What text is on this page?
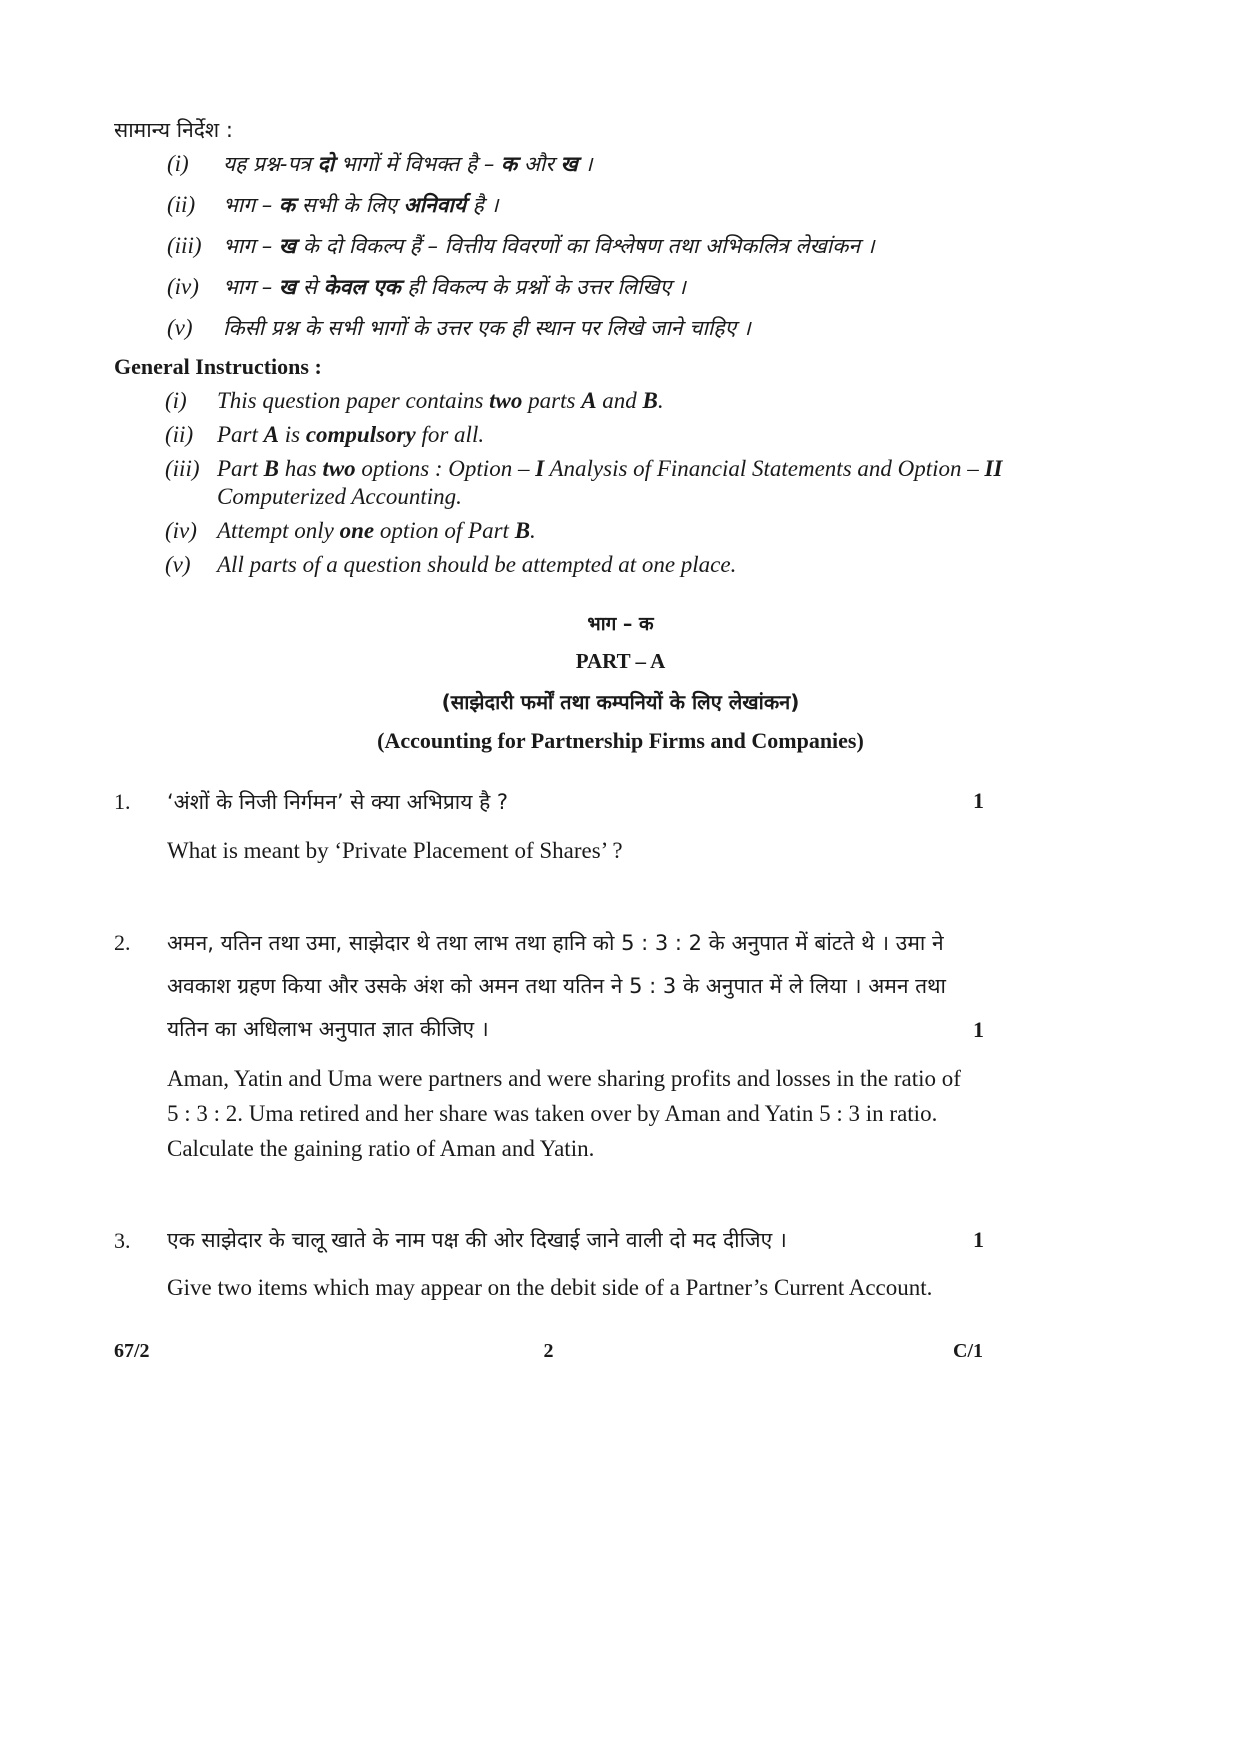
सामान्य निर्देश :
(i) यह प्रश्न-पत्र दो भागों में विभक्त है – क और ख ।
(ii) भाग – क सभी के लिए अनिवार्य है ।
(iii) भाग – ख के दो विकल्प हैं – वित्तीय विवरणों का विश्लेषण तथा अभिकलित्र लेखांकन ।
(iv) भाग – ख से केवल एक ही विकल्प के प्रश्नों के उत्तर लिखिए ।
(v) किसी प्रश्न के सभी भागों के उत्तर एक ही स्थान पर लिखे जाने चाहिए ।
General Instructions :
(i) This question paper contains two parts A and B.
(ii) Part A is compulsory for all.
(iii) Part B has two options : Option – I Analysis of Financial Statements and Option – II
Computerized Accounting.
(iv) Attempt only one option of Part B.
(v) All parts of a question should be attempted at one place.
भाग – क
PART – A
(साझेदारी फर्मों तथा कम्पनियों के लिए लेखांकन)
(Accounting for Partnership Firms and Companies)
1. ‘अंशों के निजी निर्गमन’ से क्या अभिप्राय है ?	1
What is meant by ‘Private Placement of Shares’ ?
2. अमन, यतिन तथा उमा, साझेदार थे तथा लाभ तथा हानि को 5 : 3 : 2 के अनुपात में बांटते थे । उमा ने
अवकाश ग्रहण किया और उसके अंश को अमन तथा यतिन ने 5 : 3 के अनुपात में ले लिया । अमन तथा
यतिन का अधिलाभ अनुपात ज्ञात कीजिए ।	1
Aman, Yatin and Uma were partners and were sharing profits and losses in the ratio of
5 : 3 : 2. Uma retired and her share was taken over by Aman and Yatin 5 : 3 in ratio.
Calculate the gaining ratio of Aman and Yatin.
3. एक साझेदार के चालू खाते के नाम पक्ष की ओर दिखाई जाने वाली दो मद दीजिए ।	1
Give two items which may appear on the debit side of a Partner’s Current Account.
67/2	2	C/1
